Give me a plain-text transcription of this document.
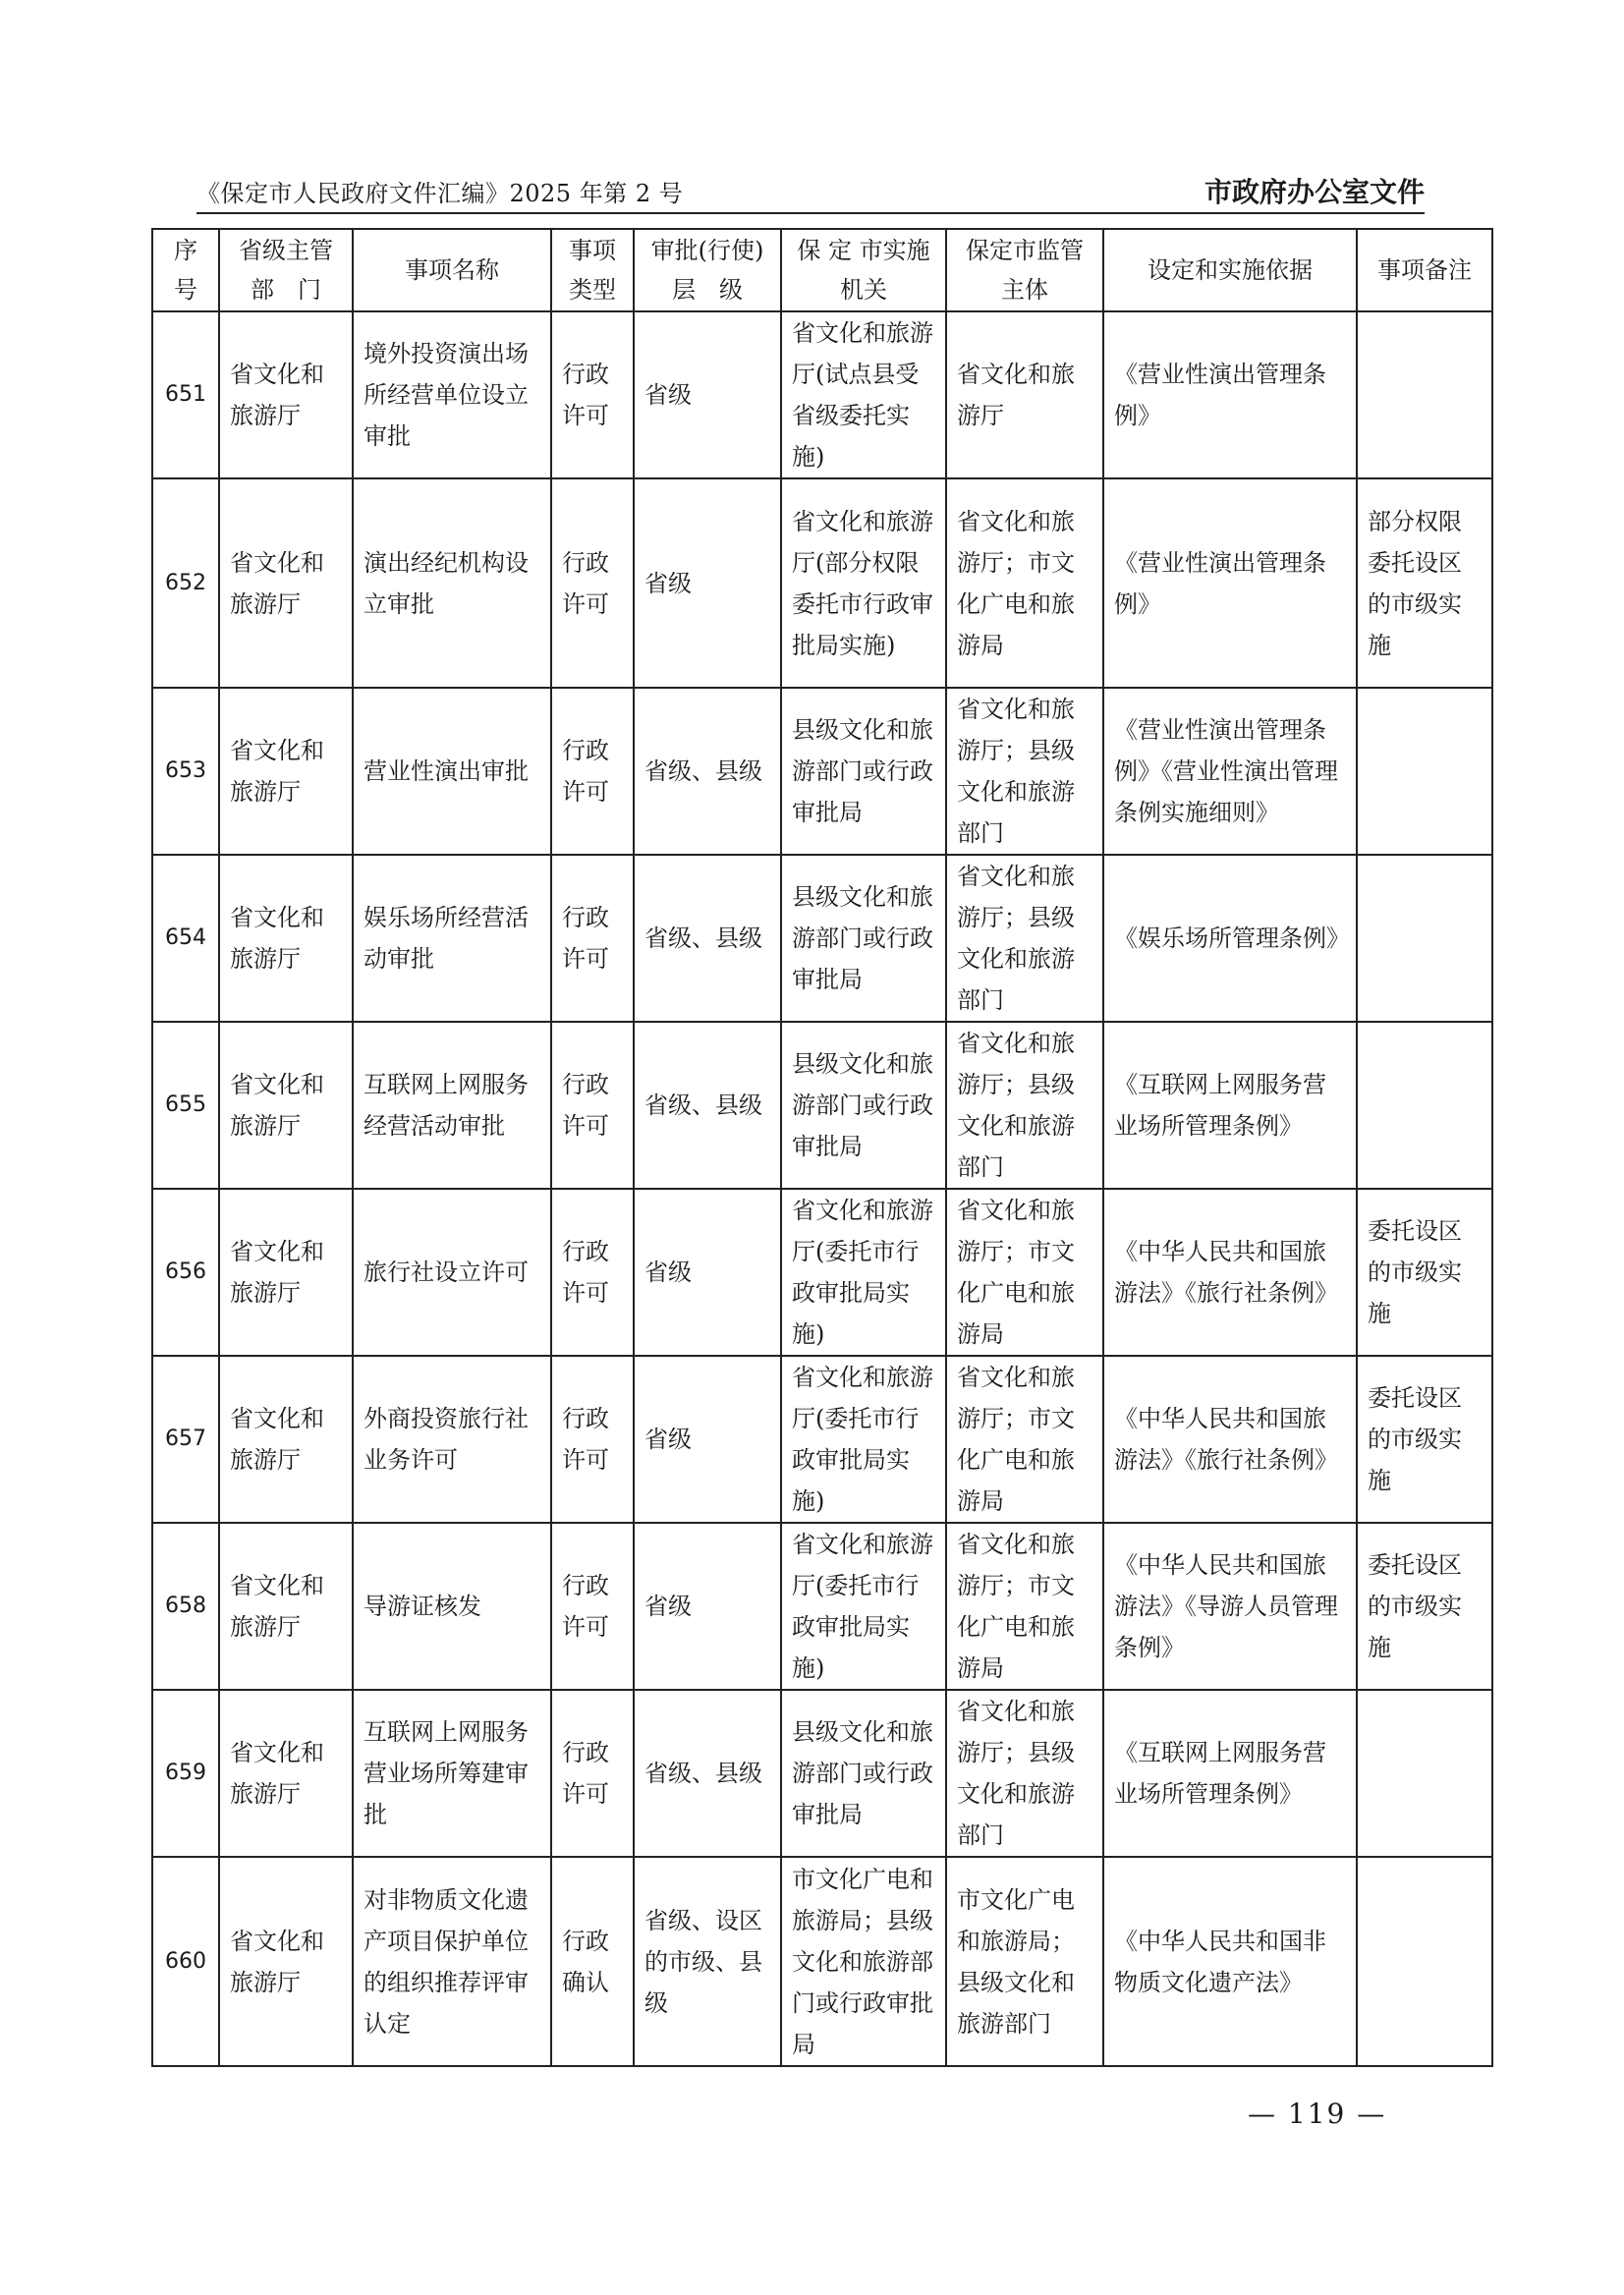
《保定市人民政府文件汇编》2025 年第 2 号	市政府办公室文件
序号	省级主管部　门	事项名称	事项类型	审批(行使)层　级	保 定 市实施机关	保定市监管主体	设定和实施依据	事项备注
651	省文化和旅游厅	境外投资演出场所经营单位设立审批	行政许可	省级	省文化和旅游厅(试点县受省级委托实施)	省文化和旅游厅	《营业性演出管理条例》	
652	省文化和旅游厅	演出经纪机构设立审批	行政许可	省级	省文化和旅游厅(部分权限委托市行政审批局实施)	省文化和旅游厅；市文化广电和旅游局	《营业性演出管理条例》	部分权限委托设区的市级实施
653	省文化和旅游厅	营业性演出审批	行政许可	省级、县级	县级文化和旅游部门或行政审批局	省文化和旅游厅；县级文化和旅游部门	《营业性演出管理条例》《营业性演出管理条例实施细则》	
654	省文化和旅游厅	娱乐场所经营活动审批	行政许可	省级、县级	县级文化和旅游部门或行政审批局	省文化和旅游厅；县级文化和旅游部门	《娱乐场所管理条例》	
655	省文化和旅游厅	互联网上网服务经营活动审批	行政许可	省级、县级	县级文化和旅游部门或行政审批局	省文化和旅游厅；县级文化和旅游部门	《互联网上网服务营业场所管理条例》	
656	省文化和旅游厅	旅行社设立许可	行政许可	省级	省文化和旅游厅(委托市行政审批局实施)	省文化和旅游厅；市文化广电和旅游局	《中华人民共和国旅游法》《旅行社条例》	委托设区的市级实施
657	省文化和旅游厅	外商投资旅行社业务许可	行政许可	省级	省文化和旅游厅(委托市行政审批局实施)	省文化和旅游厅；市文化广电和旅游局	《中华人民共和国旅游法》《旅行社条例》	委托设区的市级实施
658	省文化和旅游厅	导游证核发	行政许可	省级	省文化和旅游厅(委托市行政审批局实施)	省文化和旅游厅；市文化广电和旅游局	《中华人民共和国旅游法》《导游人员管理条例》	委托设区的市级实施
659	省文化和旅游厅	互联网上网服务营业场所筹建审批	行政许可	省级、县级	县级文化和旅游部门或行政审批局	省文化和旅游厅；县级文化和旅游部门	《互联网上网服务营业场所管理条例》	
660	省文化和旅游厅	对非物质文化遗产项目保护单位的组织推荐评审认定	行政确认	省级、设区的市级、县级	市文化广电和旅游局；县级文化和旅游部门或行政审批局	市文化广电和旅游局；县级文化和旅游部门	《中华人民共和国非物质文化遗产法》	
— 119 —
